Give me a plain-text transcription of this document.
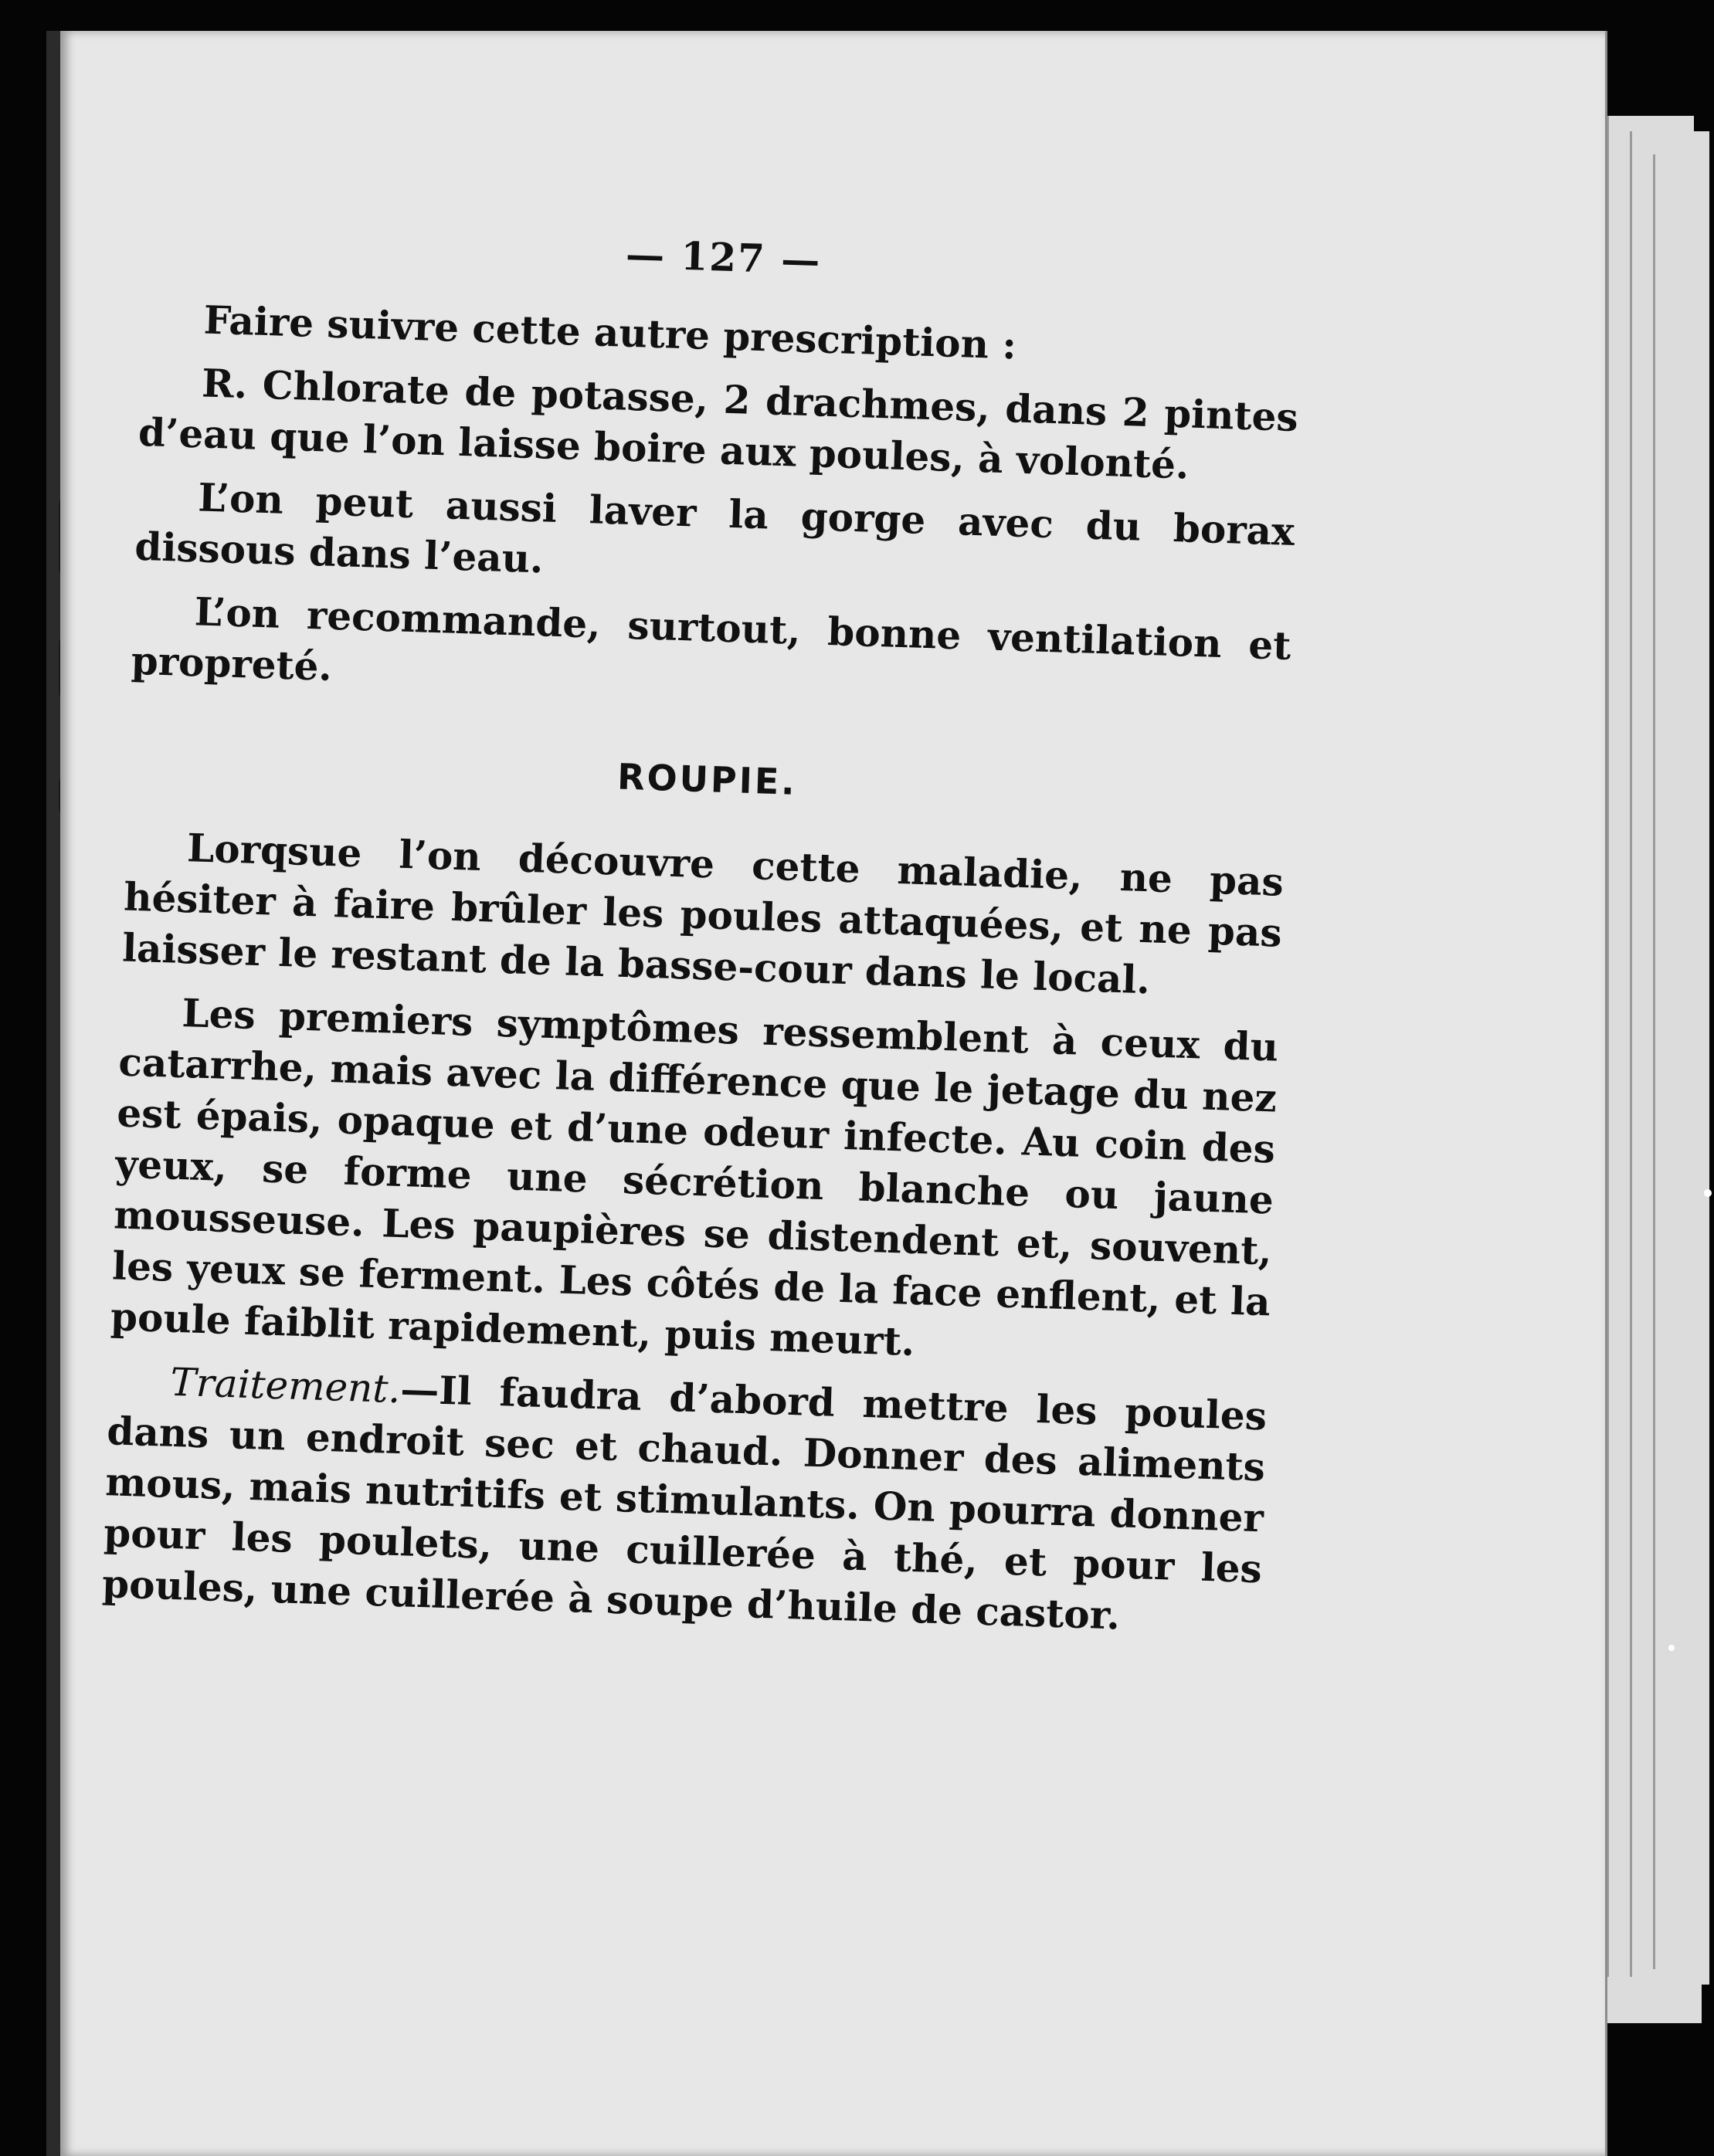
— 127 —

Faire suivre cette autre prescription :

R. Chlorate de potasse, 2 drachmes, dans 2 pintes d’eau que l’on laisse boire aux poules, à volonté.

L’on peut aussi laver la gorge avec du borax dissous dans l’eau.

L’on recommande, surtout, bonne ventilation et propreté.

ROUPIE.

Lorqsue l’on découvre cette maladie, ne pas hésiter à faire brûler les poules attaquées, et ne pas laisser le restant de la basse-cour dans le local.

Les premiers symptômes ressemblent à ceux du catarrhe, mais avec la différence que le jetage du nez est épais, opaque et d’une odeur infecte. Au coin des yeux, se forme une sécrétion blanche ou jaune mousseuse. Les paupières se distendent et, souvent, les yeux se ferment. Les côtés de la face enflent, et la poule faiblit rapidement, puis meurt.

Traitement.—Il faudra d’abord mettre les poules dans un endroit sec et chaud. Donner des aliments mous, mais nutritifs et stimulants. On pourra donner pour les poulets, une cuillerée à thé, et pour les poules, une cuillerée à soupe d’huile de castor.
